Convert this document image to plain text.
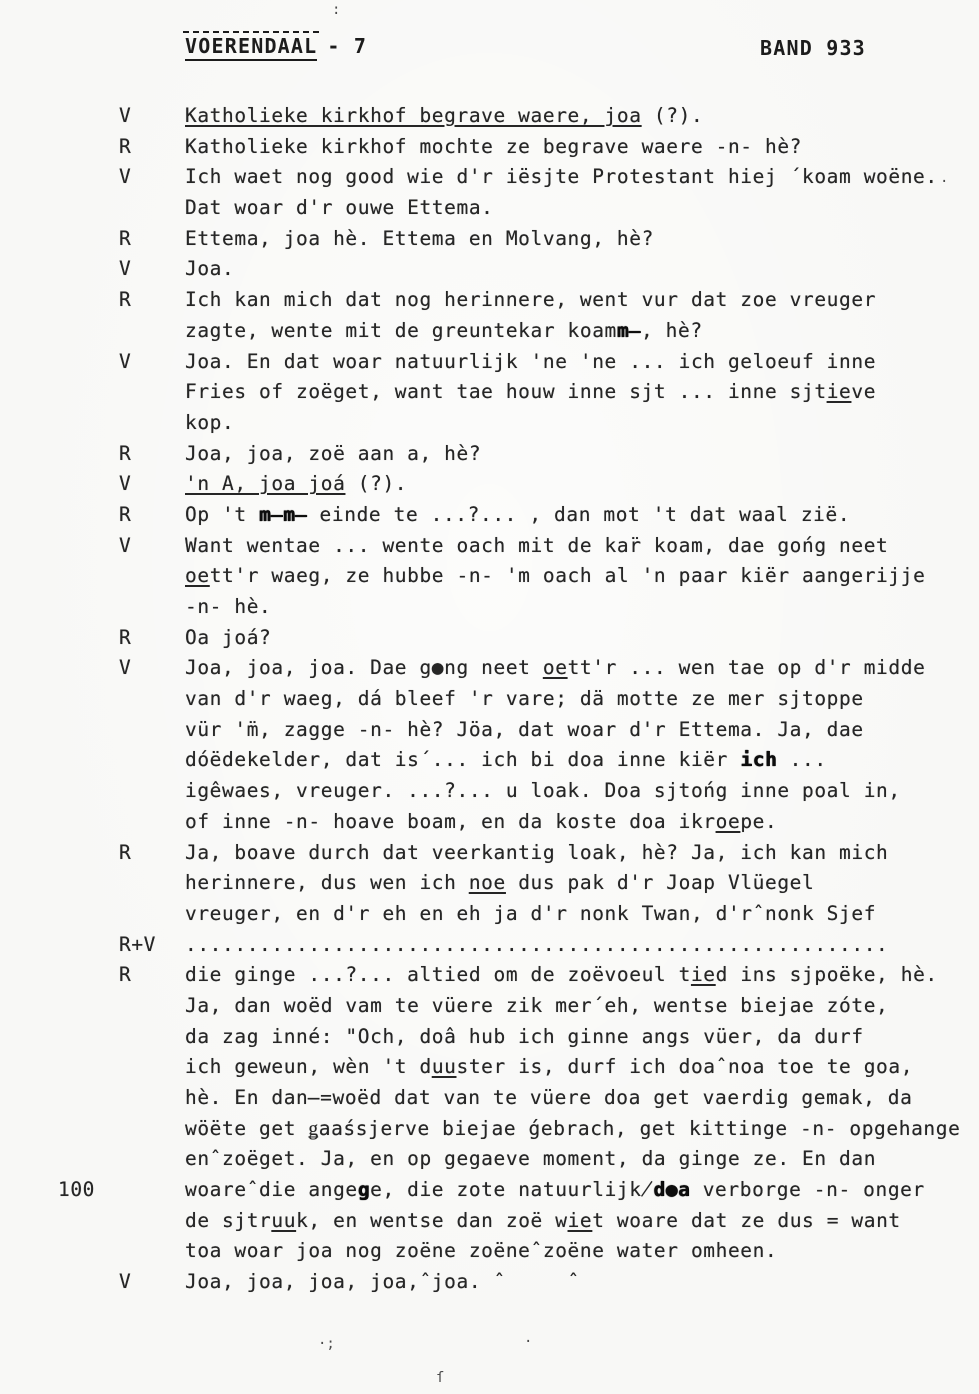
VOERENDAAL - 7	BAND 933
V	Katholieke kirkhof begrave waere, joa (?).
R	Katholieke kirkhof mochte ze begrave waere -n- hè?
V	Ich waet nog good wie d'r iësjte Protestant hiej ´koam woëne.
Dat woar d'r ouwe Ettema.
R	Ettema, joa hè. Ettema en Molvang, hè?
V	Joa.
R	Ich kan mich dat nog herinnere, went vur dat zoe vreuger
zagte, wente mit de greuntekar koamm̶, hè?
V	Joa. En dat woar natuurlijk 'ne 'ne ... ich geloeuf inne
Fries of zoëget, want tae houw inne sjt ... inne sjtieve
kop.
R	Joa, joa, zoë aan a, hè?
V	'n A, joa joá (?).
R	Op 't m̶m̶ einde te ...?... , dan mot 't dat waal zië.
V	Want wentae ... wente oach mit de kar̈ koam, dae gońg neet
oett'r waeg, ze hubbe -n- 'm oach al 'n paar kiër aangerijje
-n- hè.
R	Oa joá?
V	Joa, joa, joa. Dae g●ng neet oett'r ... wen tae op d'r midde
van d'r waeg, dá bleef 'r vare; dä motte ze mer sjtoppe
vür 'm̈, zagge -n- hè? Jöa, dat woar d'r Ettema. Ja, dae
dóëdekelder, dat is´... ich bi doa inne kiër ich ...
igêwaes, vreuger. ...?... u loak. Doa sjtońg inne poal in,
of inne -n- hoave boam, en da koste doa ikroepe.
R	Ja, boave durch dat veerkantig loak, hè? Ja, ich kan mich
herinnere, dus wen ich noe dus pak d'r Joap Vlüegel
vreuger, en d'r eh en eh ja d'r nonk Twan, d'rˆnonk Sjef
R+V .........................................................
R	die ginge ...?... altied om de zoëvoeul tied ins sjpoëke, hè.
Ja, dan woëd vam te vüere zik mer´eh, wentse biejae zóte,
da zag inné: "Och, doâ hub ich ginne angs vüer, da durf
ich geweun, wèn 't duuster is, durf ich doaˆnoa toe te goa,
hè. En dan̶=woëd dat van te vüere doa get vaerdig gemak, da
wöëte get ǥaaśsjerve biejae ǵebrach, get kittinge -n- opgehange
enˆzoëget. Ja, en op gegaeve moment, da ginge ze. En dan
100	woareˆdie angege, die zote natuurlijk̸d●a verborge -n- onger
de sjtruuk, en wentse dan zoë wiet woare dat ze dus = want
toa woar joa nog zoëne zoëneˆzoëne water omheen.
V	Joa, joa, joa, joa,ˆjoa. ˆ     ˆ
:
.
·;	·
ſ
